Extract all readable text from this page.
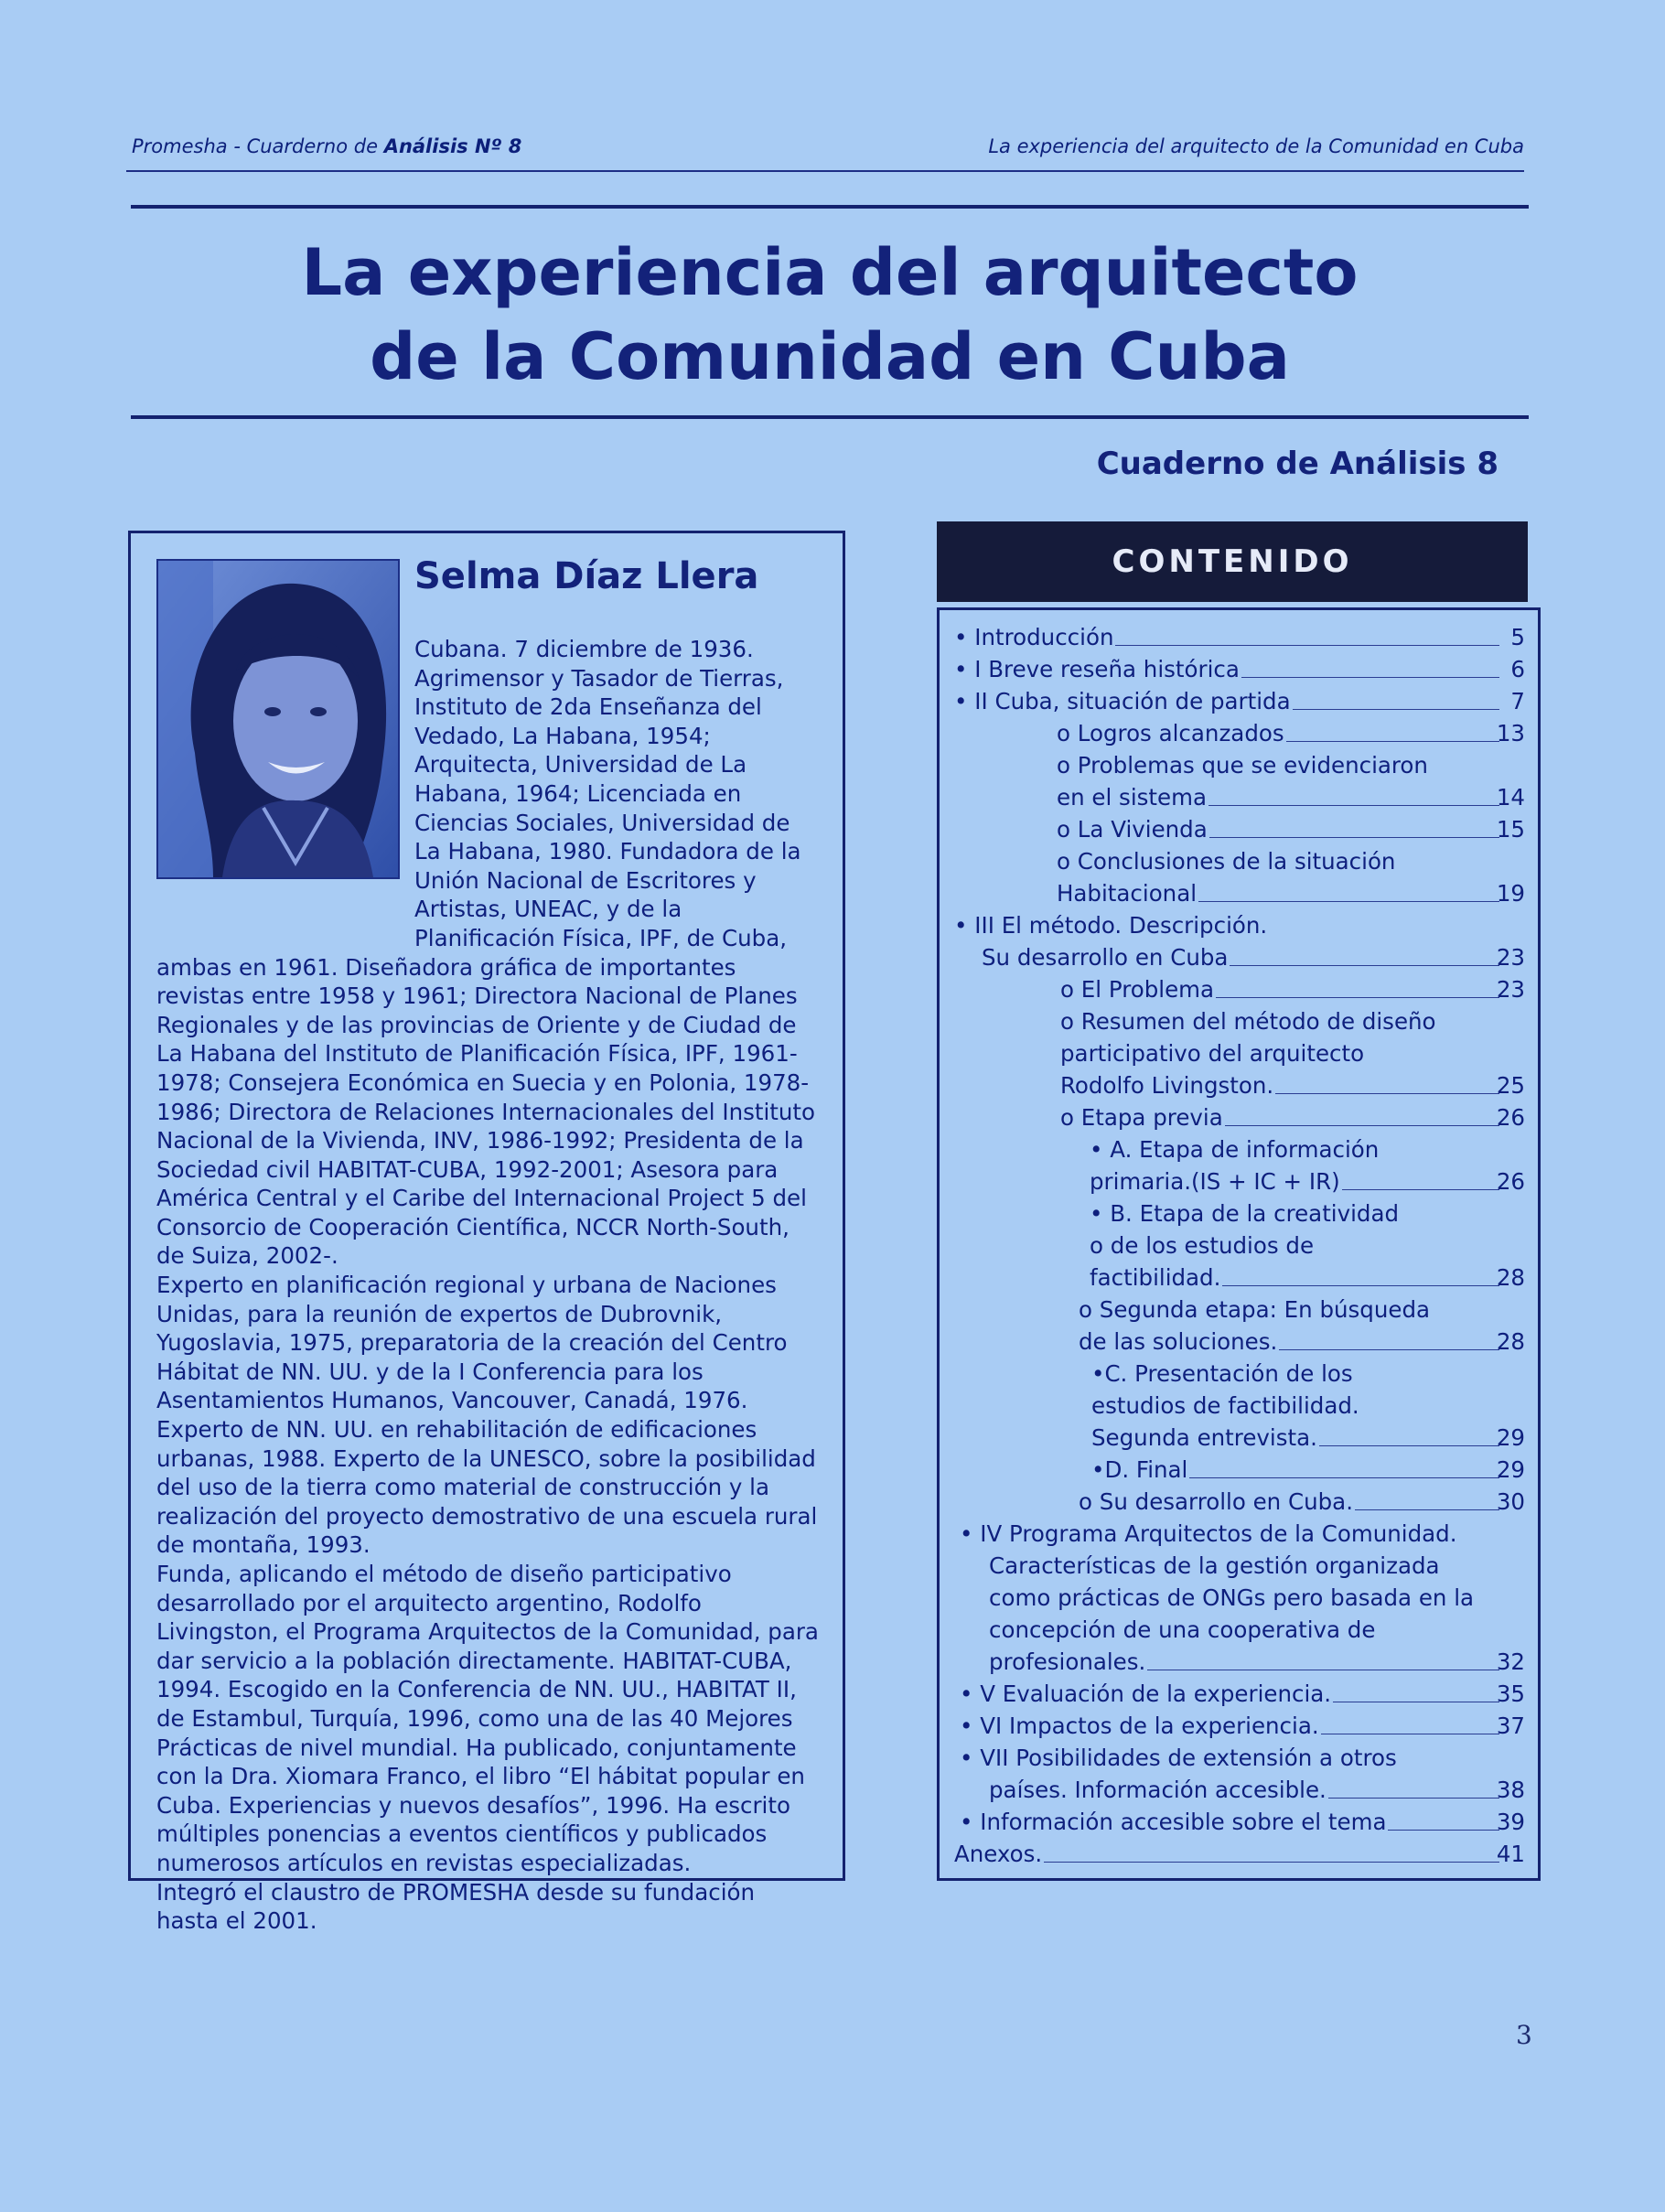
Promesha - Cuarderno de Análisis Nº 8	La experiencia del arquitecto de la Comunidad en Cuba
La experiencia del arquitecto
de la Comunidad en Cuba
Cuaderno de Análisis 8
Selma Díaz Llera

Cubana. 7 diciembre de 1936. Agrimensor y Tasador de Tierras, Instituto de 2da Enseñanza del Vedado, La Habana, 1954; Arquitecta, Universidad de La Habana, 1964; Licenciada en Ciencias Sociales, Universidad de La Habana, 1980. Fundadora de la Unión Nacional de Escritores y Artistas, UNEAC, y de la Planificación Física, IPF, de Cuba, ambas en 1961. Diseñadora gráfica de importantes revistas entre 1958 y 1961; Directora Nacional de Planes Regionales y de las provincias de Oriente y de Ciudad de La Habana del Instituto de Planificación Física, IPF, 1961-1978; Consejera Económica en Suecia y en Polonia, 1978-1986; Directora de Relaciones Internacionales del Instituto Nacional de la Vivienda, INV, 1986-1992; Presidenta de la Sociedad civil HABITAT-CUBA, 1992-2001; Asesora para América Central y el Caribe del Internacional Project 5 del Consorcio de Cooperación Científica, NCCR North-South, de Suiza, 2002-.

Experto en planificación regional y urbana de Naciones Unidas, para la reunión de expertos de Dubrovnik, Yugoslavia, 1975, preparatoria de la creación del Centro Hábitat de NN. UU. y de la I Conferencia para los Asentamientos Humanos, Vancouver, Canadá, 1976. Experto de NN. UU. en rehabilitación de edificaciones urbanas, 1988. Experto de la UNESCO, sobre la posibilidad del uso de la tierra como material de construcción y la realización del proyecto demostrativo de una escuela rural de montaña, 1993.

Funda, aplicando el método de diseño participativo desarrollado por el arquitecto argentino, Rodolfo Livingston, el Programa Arquitectos de la Comunidad, para dar servicio a la población directamente. HABITAT-CUBA, 1994. Escogido en la Conferencia de NN. UU., HABITAT II, de Estambul, Turquía, 1996, como una de las 40 Mejores Prácticas de nivel mundial. Ha publicado, conjuntamente con la Dra. Xiomara Franco, el libro “El hábitat popular en Cuba. Experiencias y nuevos desafíos”, 1996. Ha escrito múltiples ponencias a eventos científicos y publicados numerosos artículos en revistas especializadas.

Integró el claustro de PROMESHA desde su fundación hasta el 2001.

CONTENIDO
• Introducción	5
• I Breve reseña histórica	6
• II Cuba, situación de partida	7
o Logros alcanzados	13
o Problemas que se evidenciaron
en el sistema	14
o La Vivienda	15
o Conclusiones de la situación
Habitacional	19
• III El método. Descripción.
Su desarrollo en Cuba	23
o El Problema	23
o Resumen del método de diseño
participativo del arquitecto
Rodolfo Livingston.	25
o Etapa previa	26
• A. Etapa de información
primaria.(IS + IC + IR)	26
• B. Etapa de la creatividad
o de los estudios de
factibilidad.	28
o Segunda etapa: En búsqueda
de las soluciones.	28
•C. Presentación de los
estudios de factibilidad.
Segunda entrevista.	29
•D. Final	29
o Su desarrollo en Cuba.	30
• IV Programa Arquitectos de la Comunidad.
Características de la gestión organizada
como prácticas de ONGs pero basada en la
concepción de una cooperativa de
profesionales.	32
• V Evaluación de la experiencia.	35
• VI Impactos de la experiencia.	37
• VII Posibilidades de extensión a otros
países. Información accesible.	38
• Información accesible sobre el tema	39
Anexos.	41
3
